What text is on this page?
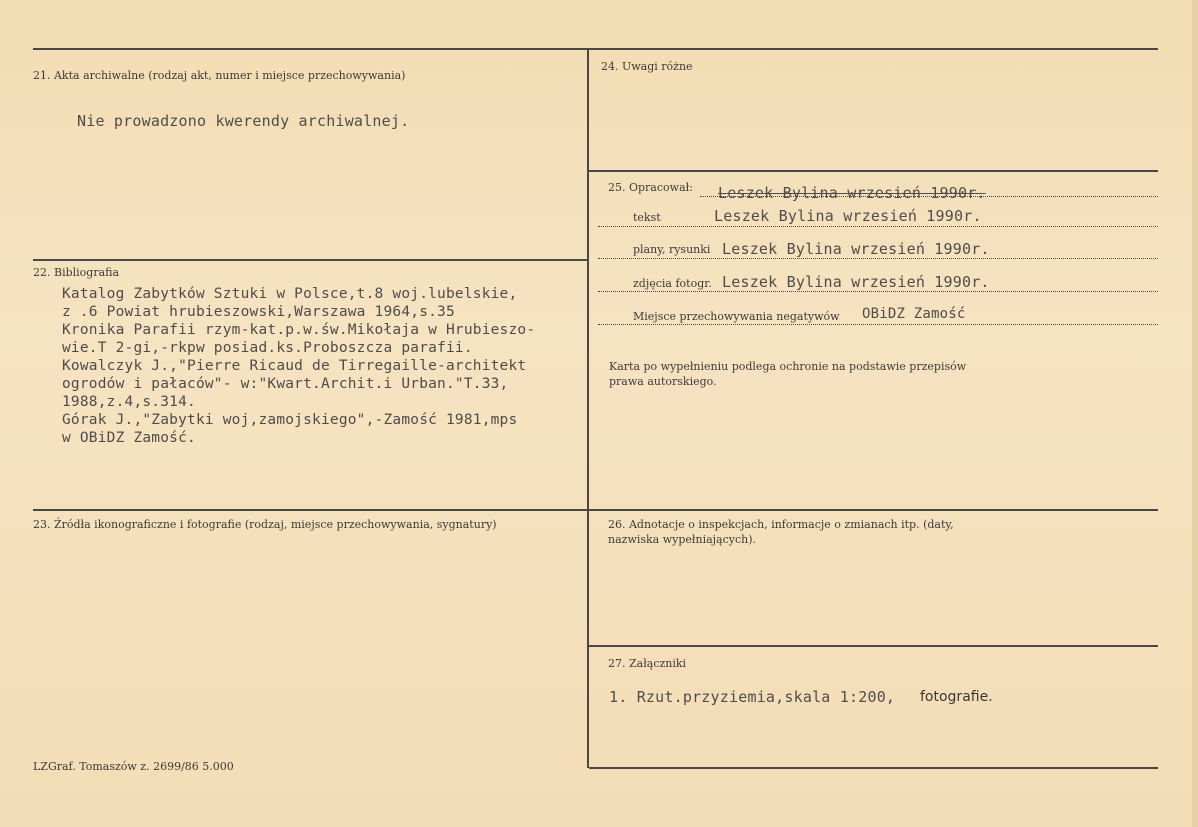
21. Akta archiwalne (rodzaj akt, numer i miejsce przechowywania)
Nie prowadzono kwerendy archiwalnej.
22. Bibliografia
Katalog Zabytków Sztuki w Polsce,t.8 woj.lubelskie,
z .6 Powiat hrubieszowski,Warszawa 1964,s.35
Kronika Parafii rzym-kat.p.w.św.Mikołaja w Hrubieszo-
wie.T 2-gi,-rkpw posiad.ks.Proboszcza parafii.
Kowalczyk J.,"Pierre Ricaud de Tirregaille-architekt
ogrodów i pałaców"- w:"Kwart.Archit.i Urban."T.33,
1988,z.4,s.314.
Górak J.,"Zabytki woj,zamojskiego",-Zamość 1981,mps
w OBiDZ Zamość.
23. Źródła ikonograficzne i fotografie (rodzaj, miejsce przechowywania, sygnatury)
24. Uwagi różne
25. Opracował: Leszek Bylina wrzesień 1990r.
tekst	Leszek Bylina wrzesień 1990r.
plany, rysunki Leszek Bylina wrzesień 1990r.
zdjęcia fotogr. Leszek Bylina wrzesień 1990r.
Miejsce przechowywania negatywów OBiDZ Zamość
Karta po wypełnieniu podlega ochronie na podstawie przepisów
prawa autorskiego.
26. Adnotacje o inspekcjach, informacje o zmianach itp. (daty,
nazwiska wypełniających).
27. Załączniki
1. Rzut.przyziemia,skala 1:200, fotografie.
LZGraf. Tomaszów z. 2699/86 5.000
